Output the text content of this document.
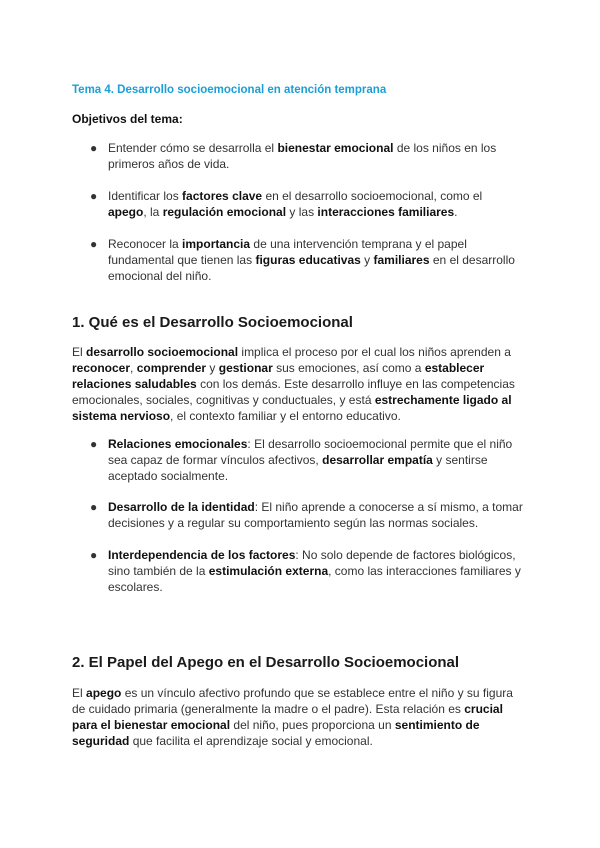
Tema 4. Desarrollo socioemocional en atención temprana
Objetivos del tema:
● Entender cómo se desarrolla el bienestar emocional de los niños en los primeros años de vida.
● Identificar los factores clave en el desarrollo socioemocional, como el apego, la regulación emocional y las interacciones familiares.
● Reconocer la importancia de una intervención temprana y el papel fundamental que tienen las figuras educativas y familiares en el desarrollo emocional del niño.
1. Qué es el Desarrollo Socioemocional
El desarrollo socioemocional implica el proceso por el cual los niños aprenden a reconocer, comprender y gestionar sus emociones, así como a establecer relaciones saludables con los demás. Este desarrollo influye en las competencias emocionales, sociales, cognitivas y conductuales, y está estrechamente ligado al sistema nervioso, el contexto familiar y el entorno educativo.
● Relaciones emocionales: El desarrollo socioemocional permite que el niño sea capaz de formar vínculos afectivos, desarrollar empatía y sentirse aceptado socialmente.
● Desarrollo de la identidad: El niño aprende a conocerse a sí mismo, a tomar decisiones y a regular su comportamiento según las normas sociales.
● Interdependencia de los factores: No solo depende de factores biológicos, sino también de la estimulación externa, como las interacciones familiares y escolares.
2. El Papel del Apego en el Desarrollo Socioemocional
El apego es un vínculo afectivo profundo que se establece entre el niño y su figura de cuidado primaria (generalmente la madre o el padre). Esta relación es crucial para el bienestar emocional del niño, pues proporciona un sentimiento de seguridad que facilita el aprendizaje social y emocional.
